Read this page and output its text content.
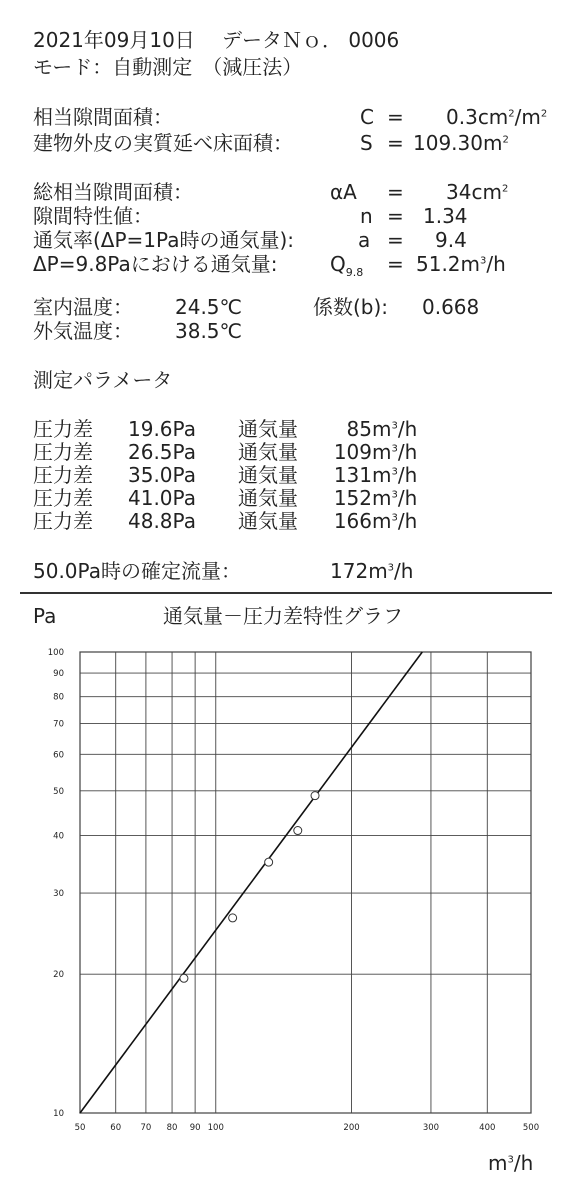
2021年09月10日 データＮｏ． 0006
モード：自動測定　（減圧法）
相当隙間面積：	$C = 0.3cm^2/m^2$
建物外皮の実質延べ床面積：	$S = 109.30m^2$
総相当隙間面積：	$\alpha A = 34cm^2$
隙間特性値：	n = 1.34
通気率(ΔP=1Pa時の通気量):	a = 9.4
ΔP=9.8Paにおける通気量:	$Q_{9.8} = 51.2m^3/h$
室内温度： 24.5℃	係数(b): 0.668
外気温度： 38.5℃
測定パラメータ
圧力差 19.6Pa 通気量	$85m^3/h$
圧力差 26.5Pa 通気量 $109m^3/h$
圧力差 35.0Pa 通気量 $131m^3/h$
圧力差 41.0Pa 通気量 $152m^3/h$
圧力差 48.8Pa 通気量 $166m^3/h$
50.0Pa時の確定流量：	$172m^3/h$
Pa	通気量－圧力差特性グラフ
50	60 70 80 90 100	200	300	400	500
10
20
30
40
50
60
70
80
90
100
$m^3/h$
